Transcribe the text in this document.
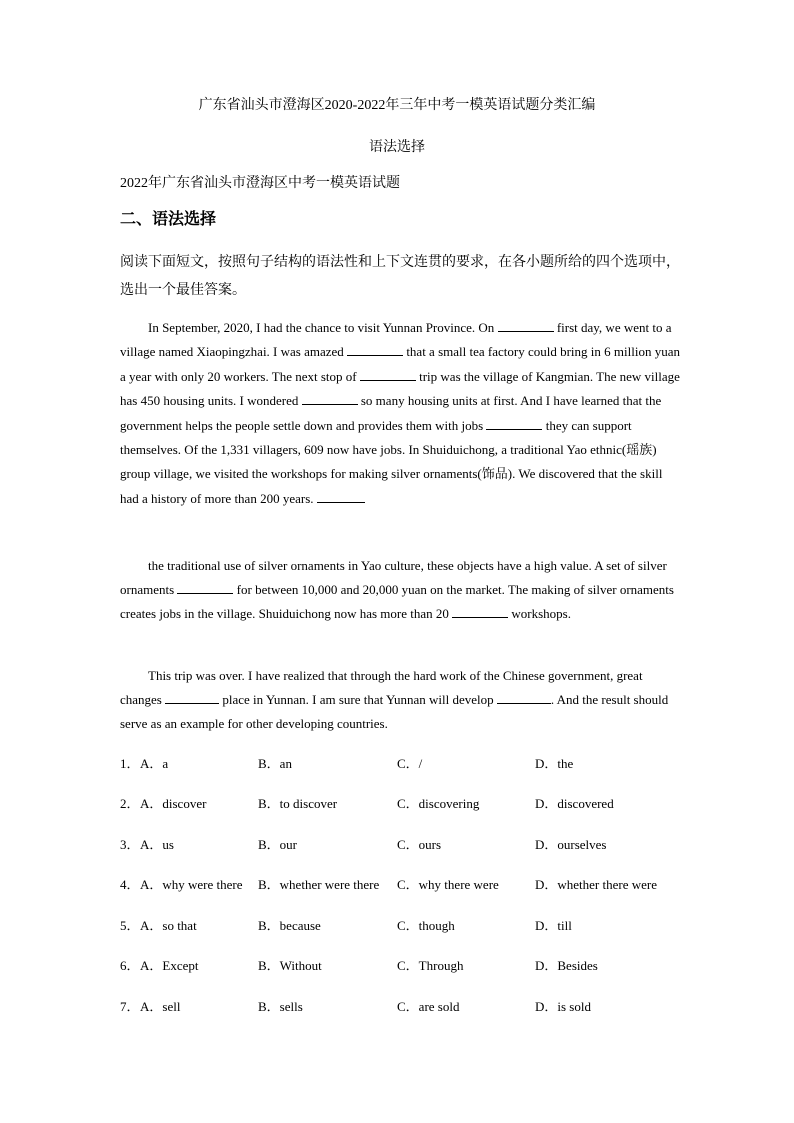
广东省汕头市澄海区2020-2022年三年中考一模英语试题分类汇编
语法选择
2022年广东省汕头市澄海区中考一模英语试题
二、语法选择

阅读下面短文，按照句子结构的语法性和上下文连贯的要求，在各小题所给的四个选项中，选出一个最佳答案。

In September, 2020, I had the chance to visit Yunnan Province. On	first day, we went to a village named Xiaopingzhai. I was amazed	that a small tea factory could bring in 6 million yuan a year with only 20 workers. The next stop of	trip was the village of Kangmian. The new village has 450 housing units. I wondered	so many housing units at first. And I have learned that the government helps the people settle down and provides them with jobs	they can support themselves. Of the 1,331 villagers, 609 now have jobs. In Shuiduichong, a traditional Yao ethnic(瑶族) group village, we visited the workshops for making silver ornaments(饰品). We discovered that the skill had a history of more than 200 years.

the traditional use of silver ornaments in Yao culture, these objects have a high value. A set of silver ornaments	for between 10,000 and 20,000 yuan on the market. The making of silver ornaments creates jobs in the village. Shuiduichong now has more than 20	workshops.

This trip was over. I have realized that through the hard work of the Chinese government, great changes	place in Yunnan. I am sure that Yunnan will develop	. And the result should serve as an example for other developing countries.

1． A．a	B．an	C．/	D．the
2． A．discover	B．to discover	C．discovering	D．discovered
3． A．us	B．our	C．ours	D．ourselves
4． A．why were there B．whether were there C．why there were	D．whether there were
5． A．so that	B．because	C．though	D．till
6． A．Except	B．Without	C．Through	D．Besides
7． A．sell	B．sells	C．are sold	D．is sold
